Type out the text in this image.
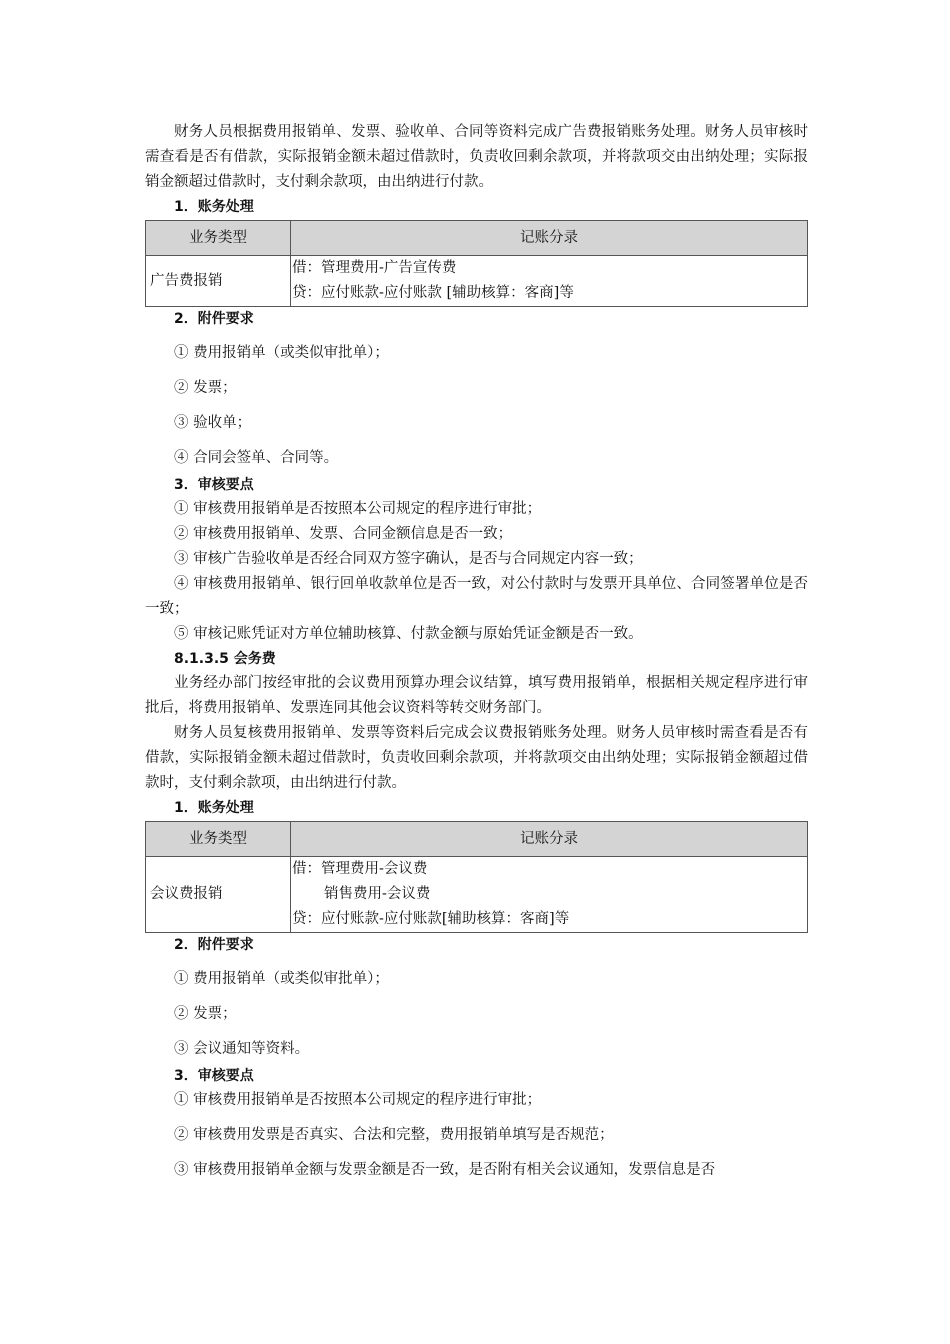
财务人员根据费用报销单、发票、验收单、合同等资料完成广告费报销账务处理。财务人员审核时需查看是否有借款，实际报销金额未超过借款时，负责收回剩余款项，并将款项交由出纳处理；实际报销金额超过借款时，支付剩余款项，由出纳进行付款。

1．账务处理

业务类型	记账分录
广告费报销	借：管理费用-广告宣传费
贷：应付账款-应付账款 [辅助核算：客商]等

2．附件要求

① 费用报销单（或类似审批单）；

② 发票；

③ 验收单；

④ 合同会签单、合同等。

3．审核要点

① 审核费用报销单是否按照本公司规定的程序进行审批；

② 审核费用报销单、发票、合同金额信息是否一致；

③ 审核广告验收单是否经合同双方签字确认，是否与合同规定内容一致；

④ 审核费用报销单、银行回单收款单位是否一致，对公付款时与发票开具单位、合同签署单位是否一致；

⑤ 审核记账凭证对方单位辅助核算、付款金额与原始凭证金额是否一致。

8.1.3.5 会务费

业务经办部门按经审批的会议费用预算办理会议结算，填写费用报销单，根据相关规定程序进行审批后，将费用报销单、发票连同其他会议资料等转交财务部门。

财务人员复核费用报销单、发票等资料后完成会议费报销账务处理。财务人员审核时需查看是否有借款，实际报销金额未超过借款时，负责收回剩余款项，并将款项交由出纳处理；实际报销金额超过借款时，支付剩余款项，由出纳进行付款。

1．账务处理

业务类型	记账分录
会议费报销	借：管理费用-会议费
销售费用-会议费
贷：应付账款-应付账款[辅助核算：客商]等

2．附件要求

① 费用报销单（或类似审批单）；

② 发票；

③ 会议通知等资料。

3．审核要点

① 审核费用报销单是否按照本公司规定的程序进行审批；

② 审核费用发票是否真实、合法和完整，费用报销单填写是否规范；

③ 审核费用报销单金额与发票金额是否一致，是否附有相关会议通知，发票信息是否
